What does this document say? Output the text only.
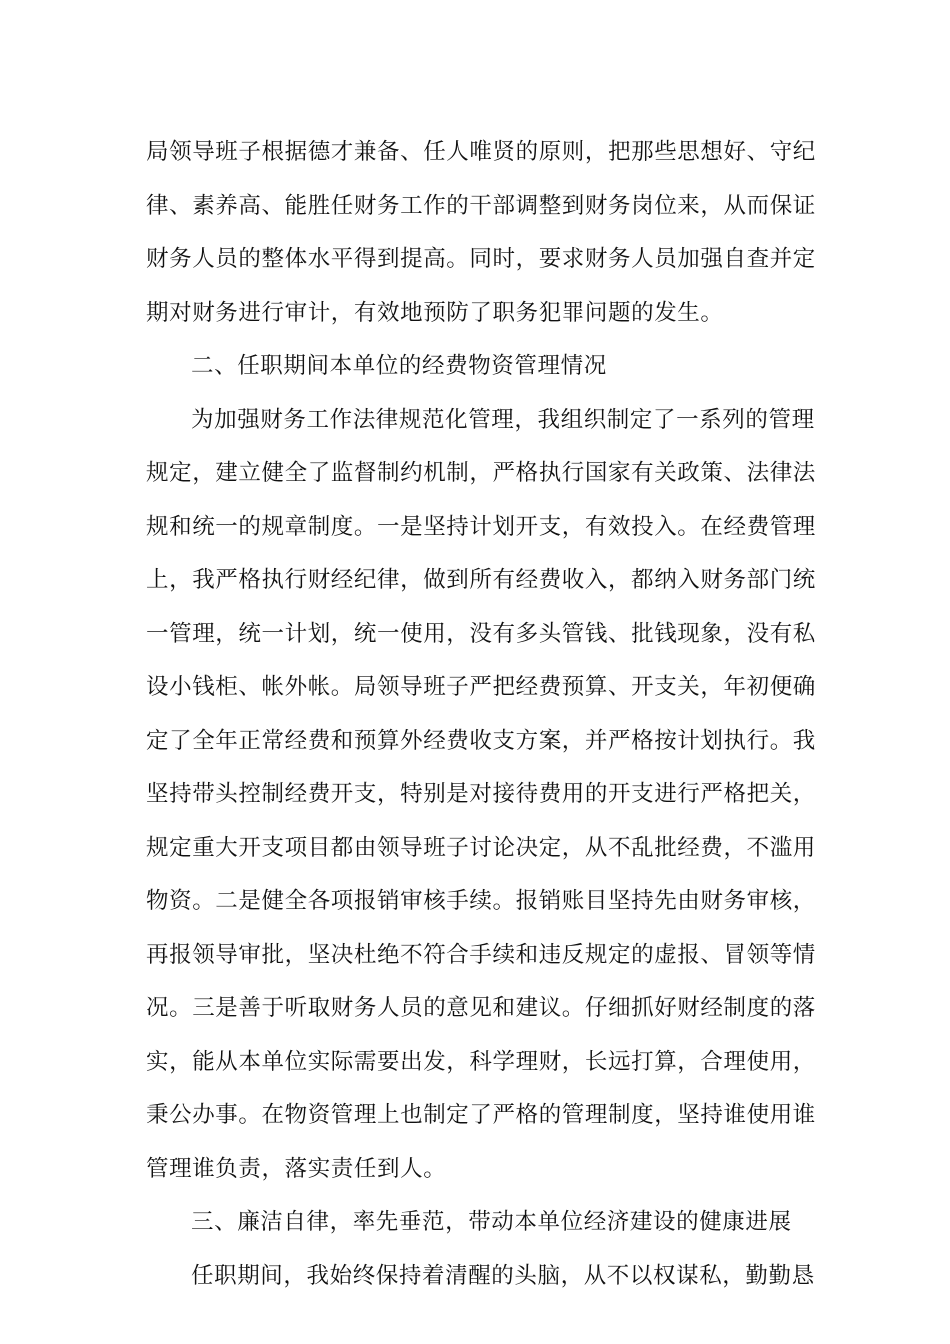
局领导班子根据德才兼备、任人唯贤的原则，把那些思想好、守纪
律、素养高、能胜任财务工作的干部调整到财务岗位来，从而保证
财务人员的整体水平得到提高。同时，要求财务人员加强自查并定
期对财务进行审计，有效地预防了职务犯罪问题的发生。
二、任职期间本单位的经费物资管理情况
为加强财务工作法律规范化管理，我组织制定了一系列的管理
规定，建立健全了监督制约机制，严格执行国家有关政策、法律法
规和统一的规章制度。一是坚持计划开支，有效投入。在经费管理
上，我严格执行财经纪律，做到所有经费收入，都纳入财务部门统
一管理，统一计划，统一使用，没有多头管钱、批钱现象，没有私
设小钱柜、帐外帐。局领导班子严把经费预算、开支关，年初便确
定了全年正常经费和预算外经费收支方案，并严格按计划执行。我
坚持带头控制经费开支，特别是对接待费用的开支进行严格把关，
规定重大开支项目都由领导班子讨论决定，从不乱批经费，不滥用
物资。二是健全各项报销审核手续。报销账目坚持先由财务审核，
再报领导审批，坚决杜绝不符合手续和违反规定的虚报、冒领等情
况。三是善于听取财务人员的意见和建议。仔细抓好财经制度的落
实，能从本单位实际需要出发，科学理财，长远打算，合理使用，
秉公办事。在物资管理上也制定了严格的管理制度，坚持谁使用谁
管理谁负责，落实责任到人。
三、廉洁自律，率先垂范，带动本单位经济建设的健康进展
任职期间，我始终保持着清醒的头脑，从不以权谋私，勤勤恳
